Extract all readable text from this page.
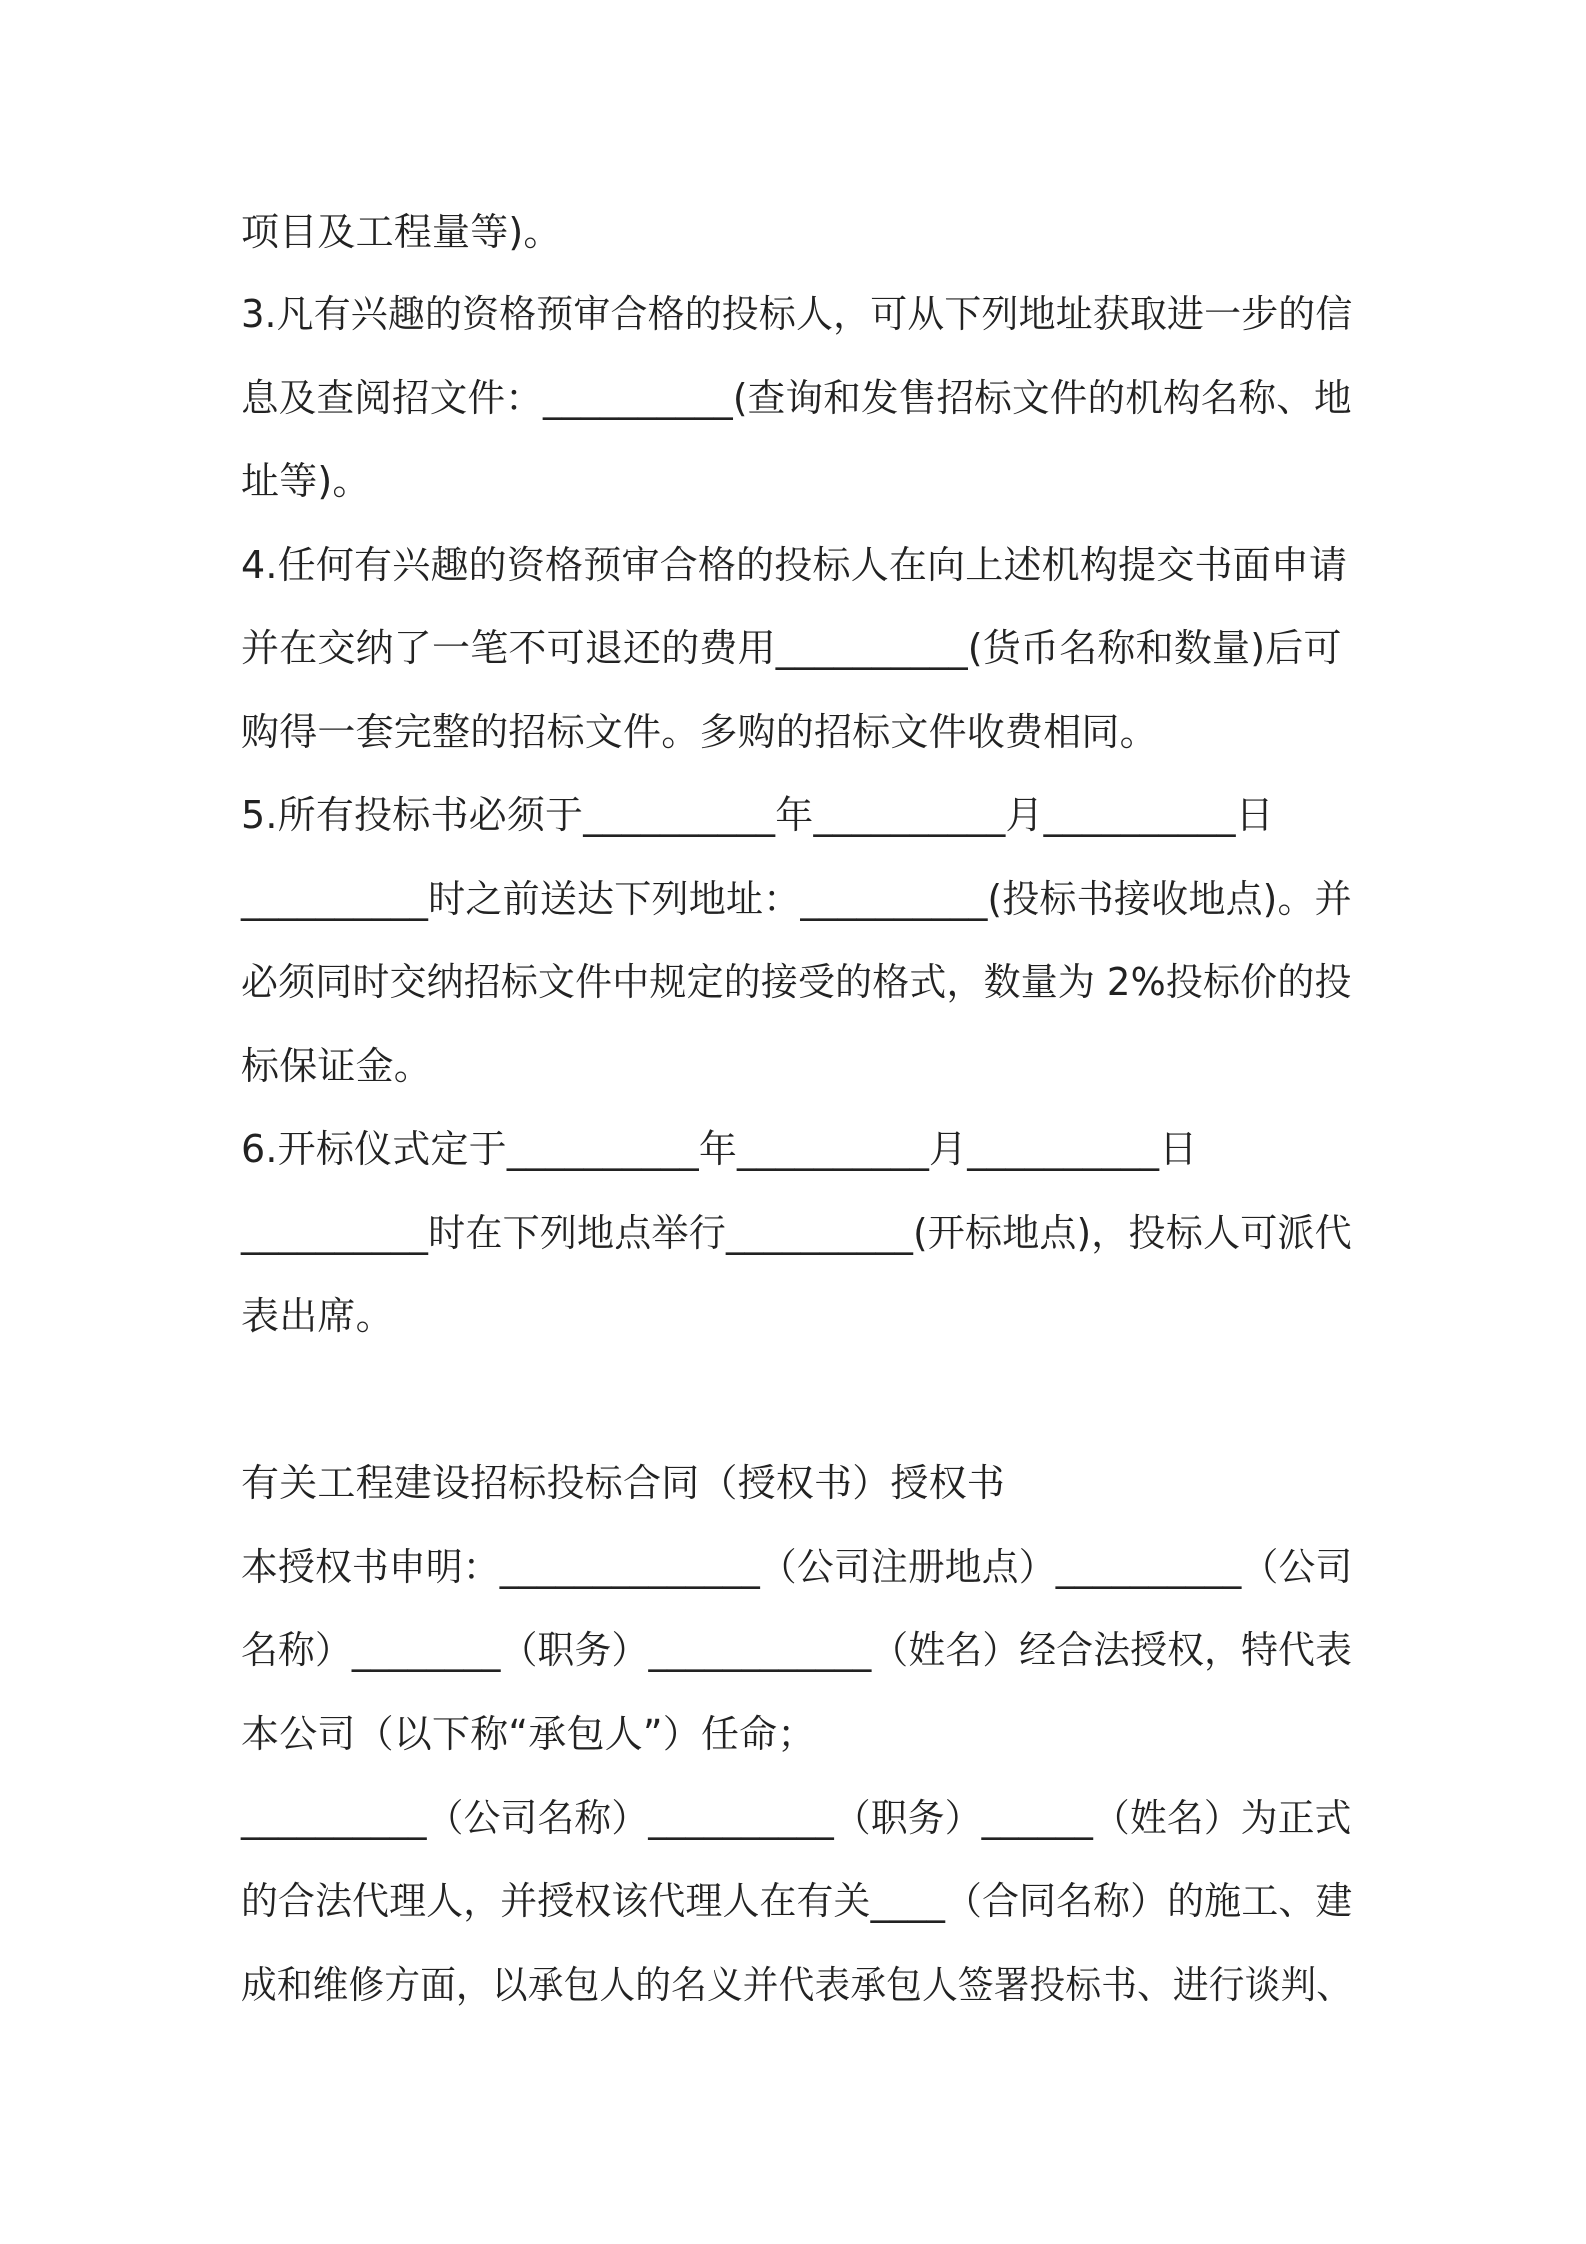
项目及工程量等)。
3.凡有兴趣的资格预审合格的投标人，可从下列地址获取进一步的信
息及查阅招文件：__________(查询和发售招标文件的机构名称、地
址等)。
4.任何有兴趣的资格预审合格的投标人在向上述机构提交书面申请
并在交纳了一笔不可退还的费用__________(货币名称和数量)后可
购得一套完整的招标文件。多购的招标文件收费相同。
5.所有投标书必须于__________年__________月__________日
__________时之前送达下列地址：__________(投标书接收地点)。并
必须同时交纳招标文件中规定的接受的格式，数量为 2%投标价的投
标保证金。
6.开标仪式定于__________年__________月__________日
__________时在下列地点举行__________(开标地点)，投标人可派代
表出席。
有关工程建设招标投标合同（授权书）授权书
本授权书申明：______________（公司注册地点）__________（公司
名称）________（职务）____________（姓名）经合法授权，特代表
本公司（以下称“承包人”）任命；
__________（公司名称）__________（职务）______（姓名）为正式
的合法代理人，并授权该代理人在有关____（合同名称）的施工、建
成和维修方面，以承包人的名义并代表承包人签署投标书、进行谈判、
